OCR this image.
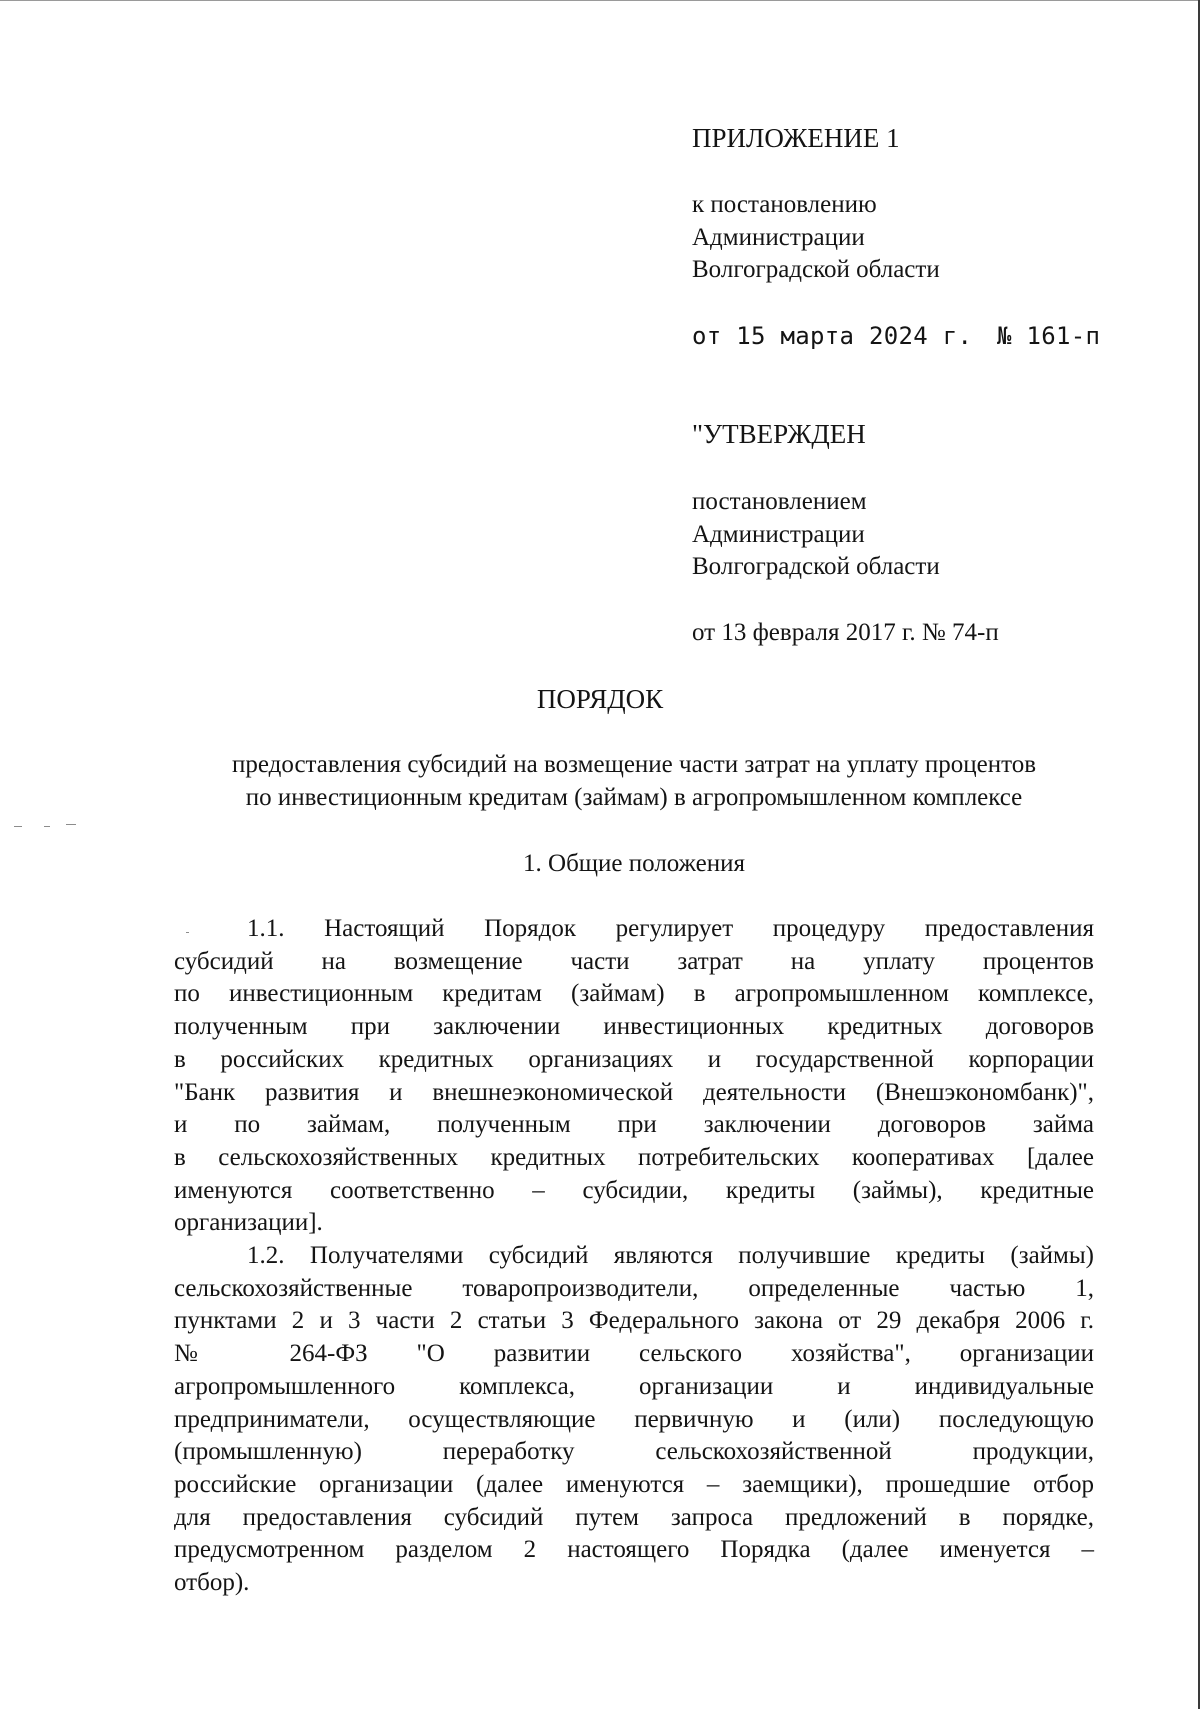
ПРИЛОЖЕНИЕ 1
к постановлению
Администрации
Волгоградской области
от 15 марта 2024 г. № 161-п
"УТВЕРЖДЕН
постановлением
Администрации
Волгоградской области
от 13 февраля 2017 г. № 74-п
ПОРЯДОК
предоставления субсидий на возмещение части затрат на уплату процентов
по инвестиционным кредитам (займам) в агропромышленном комплексе
1. Общие положения
1.1. Настоящий Порядок регулирует процедуру предоставления
субсидий на возмещение части затрат на уплату процентов
по инвестиционным кредитам (займам) в агропромышленном комплексе,
полученным при заключении инвестиционных кредитных договоров
в российских кредитных организациях и государственной корпорации
"Банк развития и внешнеэкономической деятельности (Внешэкономбанк)",
и по займам, полученным при заключении договоров займа
в сельскохозяйственных кредитных потребительских кооперативах [далее
именуются соответственно – субсидии, кредиты (займы), кредитные
организации].
1.2. Получателями субсидий являются получившие кредиты (займы)
сельскохозяйственные товаропроизводители, определенные частью 1,
пунктами 2 и 3 части 2 статьи 3 Федерального закона от 29 декабря 2006 г.
№ 264-ФЗ "О развитии сельского хозяйства", организации
агропромышленного комплекса, организации и индивидуальные
предприниматели, осуществляющие первичную и (или) последующую
(промышленную) переработку сельскохозяйственной продукции,
российские организации (далее именуются – заемщики), прошедшие отбор
для предоставления субсидий путем запроса предложений в порядке,
предусмотренном разделом 2 настоящего Порядка (далее именуется –
отбор).
